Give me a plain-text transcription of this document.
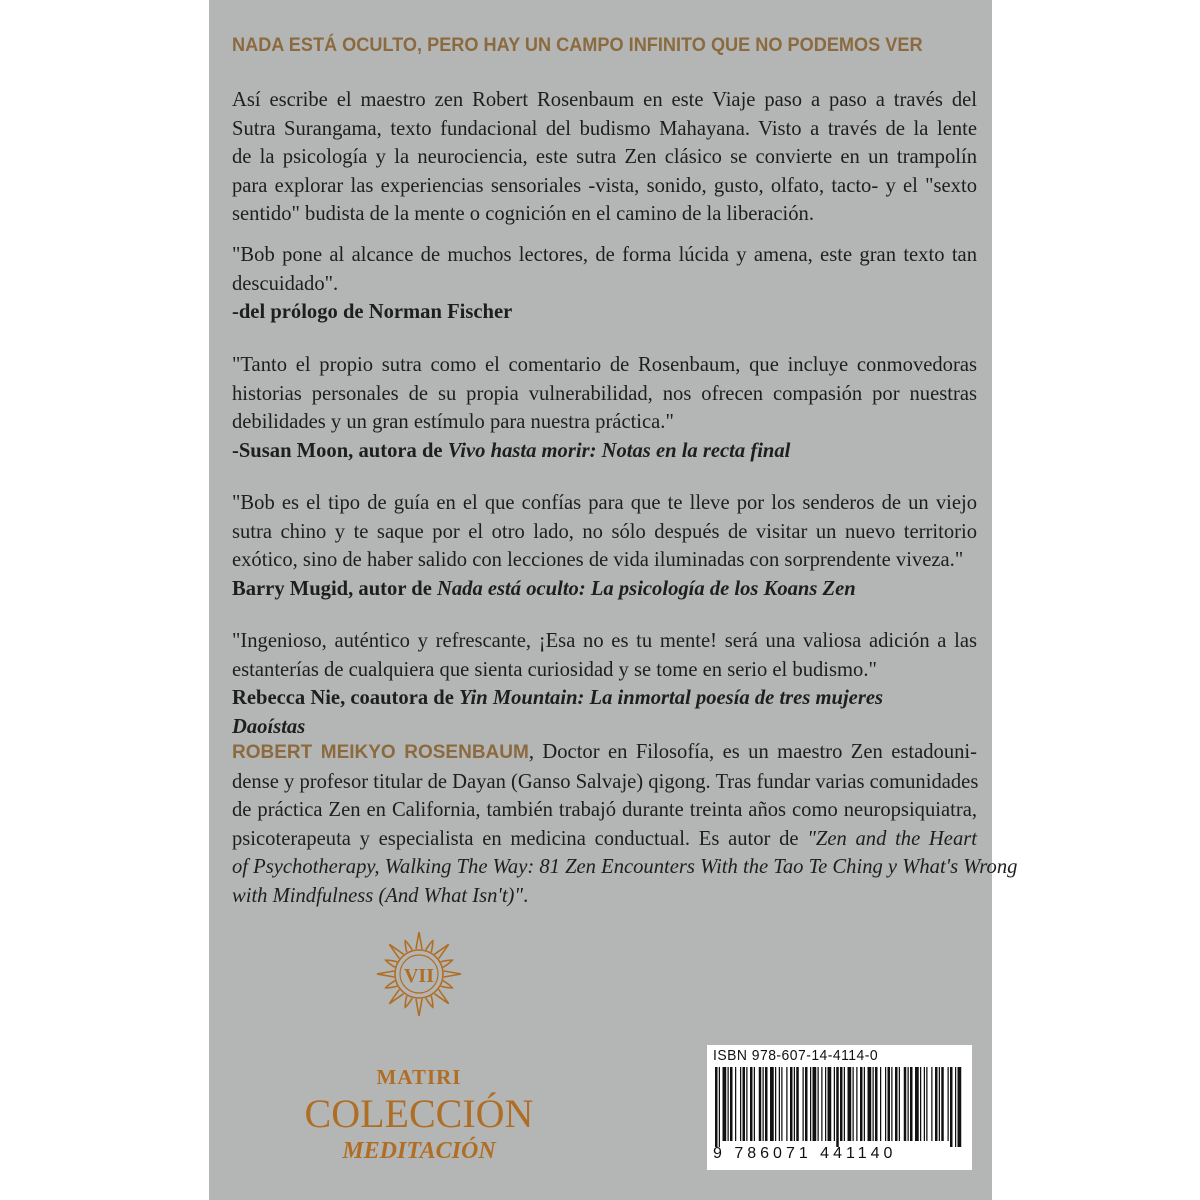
NADA ESTÁ OCULTO, PERO HAY UN CAMPO INFINITO QUE NO PODEMOS VER

Así escribe el maestro zen Robert Rosenbaum en este Viaje paso a paso a través del
Sutra Surangama, texto fundacional del budismo Mahayana. Visto a través de la lente
de la psicología y la neurociencia, este sutra Zen clásico se convierte en un trampolín
para explorar las experiencias sensoriales -vista, sonido, gusto, olfato, tacto- y el "sexto
sentido" budista de la mente o cognición en el camino de la liberación.
"Bob pone al alcance de muchos lectores, de forma lúcida y amena, este gran texto tan
descuidado".
-del prólogo de Norman Fischer
"Tanto el propio sutra como el comentario de Rosenbaum, que incluye conmovedoras
historias personales de su propia vulnerabilidad, nos ofrecen compasión por nuestras
debilidades y un gran estímulo para nuestra práctica."
-Susan Moon, autora de Vivo hasta morir: Notas en la recta final
"Bob es el tipo de guía en el que confías para que te lleve por los senderos de un viejo
sutra chino y te saque por el otro lado, no sólo después de visitar un nuevo territorio
exótico, sino de haber salido con lecciones de vida iluminadas con sorprendente viveza."
Barry Mugid, autor de Nada está oculto: La psicología de los Koans Zen
"Ingenioso, auténtico y refrescante, ¡Esa no es tu mente! será una valiosa adición a las
estanterías de cualquiera que sienta curiosidad y se tome en serio el budismo."
Rebecca Nie, coautora de Yin Mountain: La inmortal poesía de tres mujeres
Daoístas
ROBERT MEIKYO ROSENBAUM, Doctor en Filosofía, es un maestro Zen estadouni-
dense y profesor titular de Dayan (Ganso Salvaje) qigong. Tras fundar varias comunidades
de práctica Zen en California, también trabajó durante treinta años como neuropsiquiatra,
psicoterapeuta y especialista en medicina conductual. Es autor de "Zen and the Heart
of Psychotherapy, Walking The Way: 81 Zen Encounters With the Tao Te Ching y What's Wrong
with Mindfulness (And What Isn't)".
VII
MATIRI
COLECCIÓN
MEDITACIÓN
ISBN 978-607-14-4114-0
9 786071 441140
